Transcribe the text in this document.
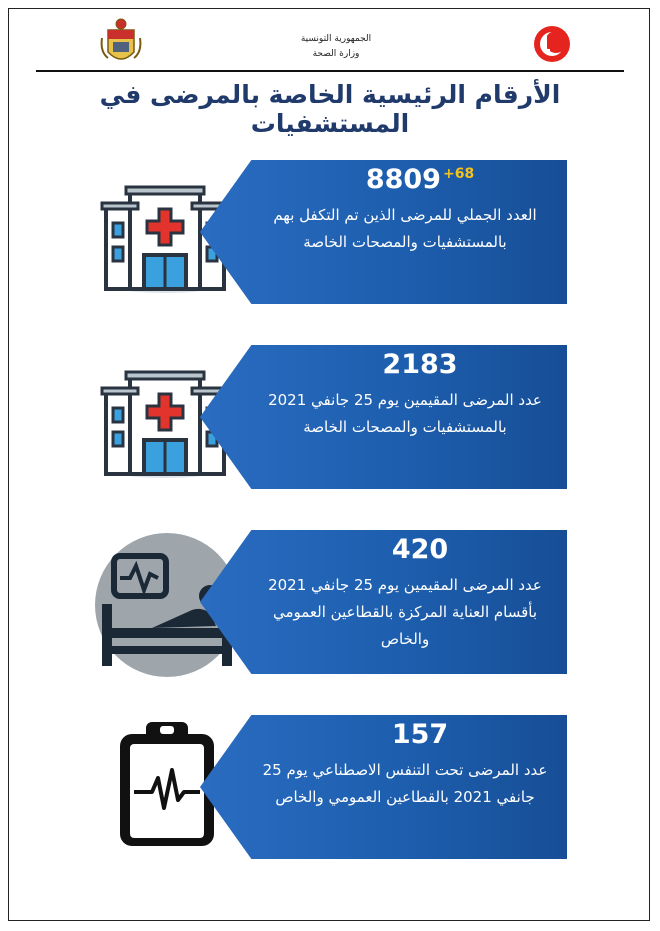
الجمهورية التونسية
وزارة الصحة
الأرقام الرئيسية الخاصة بالمرضى في المستشفيات
8809 $^{+68}$
العدد الجملي للمرضى الذين تم التكفل بهم بالمستشفيات والمصحات الخاصة
2183
عدد المرضى المقيمين يوم 25 جانفي 2021 بالمستشفيات والمصحات الخاصة
420
عدد المرضى المقيمين يوم 25 جانفي 2021 بأقسام العناية المركزة بالقطاعين العمومي والخاص
157
عدد المرضى تحت التنفس الاصطناعي يوم 25 جانفي 2021 بالقطاعين العمومي والخاص
